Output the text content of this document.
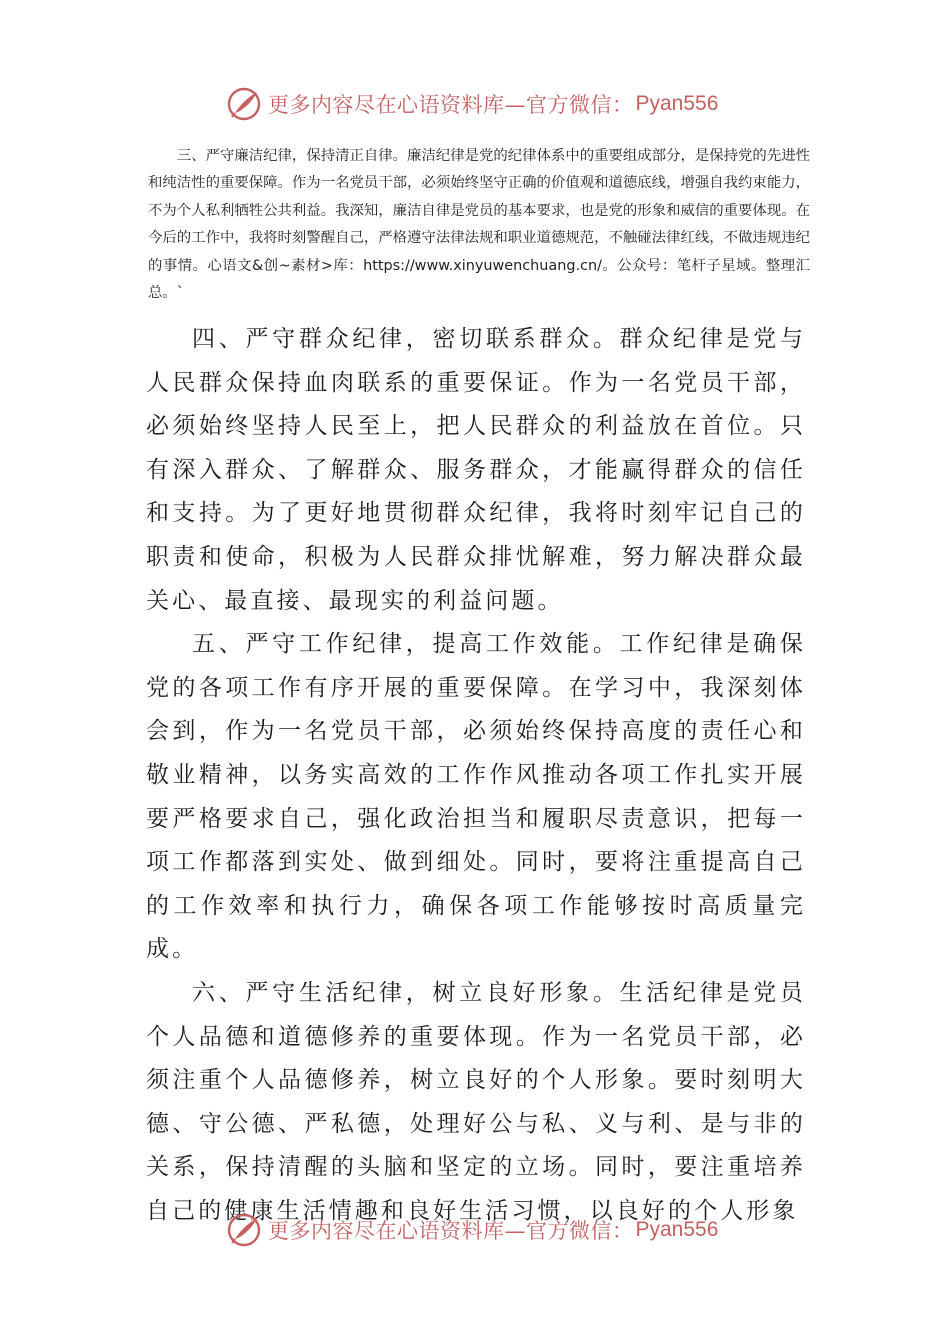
更多内容尽在心语资料库—官方微信： Pyan556

三、严守廉洁纪律，保持清正自律。廉洁纪律是党的纪律体系中的重要组成部分，是保持党的先进性和纯洁性的重要保障。作为一名党员干部，必须始终坚守正确的价值观和道德底线，增强自我约束能力，不为个人私利牺牲公共利益。我深知，廉洁自律是党员的基本要求，也是党的形象和威信的重要体现。在今后的工作中，我将时刻警醒自己，严格遵守法律法规和职业道德规范，不触碰法律红线，不做违规违纪的事情。心语文&创~素材>库：https://www.xinyuwenchuang.cn/。公众号：笔杆子星域。整理汇总。`

四、严守群众纪律，密切联系群众。群众纪律是党与人民群众保持血肉联系的重要保证。作为一名党员干部，必须始终坚持人民至上，把人民群众的利益放在首位。只有深入群众、了解群众、服务群众，才能赢得群众的信任和支持。为了更好地贯彻群众纪律，我将时刻牢记自己的职责和使命，积极为人民群众排忧解难，努力解决群众最关心、最直接、最现实的利益问题。

五、严守工作纪律，提高工作效能。工作纪律是确保党的各项工作有序开展的重要保障。在学习中，我深刻体会到，作为一名党员干部，必须始终保持高度的责任心和敬业精神，以务实高效的工作作风推动各项工作扎实开展要严格要求自己，强化政治担当和履职尽责意识，把每一项工作都落到实处、做到细处。同时，要将注重提高自己的工作效率和执行力，确保各项工作能够按时高质量完成。

六、严守生活纪律，树立良好形象。生活纪律是党员个人品德和道德修养的重要体现。作为一名党员干部，必须注重个人品德修养，树立良好的个人形象。要时刻明大德、守公德、严私德，处理好公与私、义与利、是与非的关系，保持清醒的头脑和坚定的立场。同时，要注重培养自己的健康生活情趣和良好生活习惯，以良好的个人形象

更多内容尽在心语资料库—官方微信： Pyan556
